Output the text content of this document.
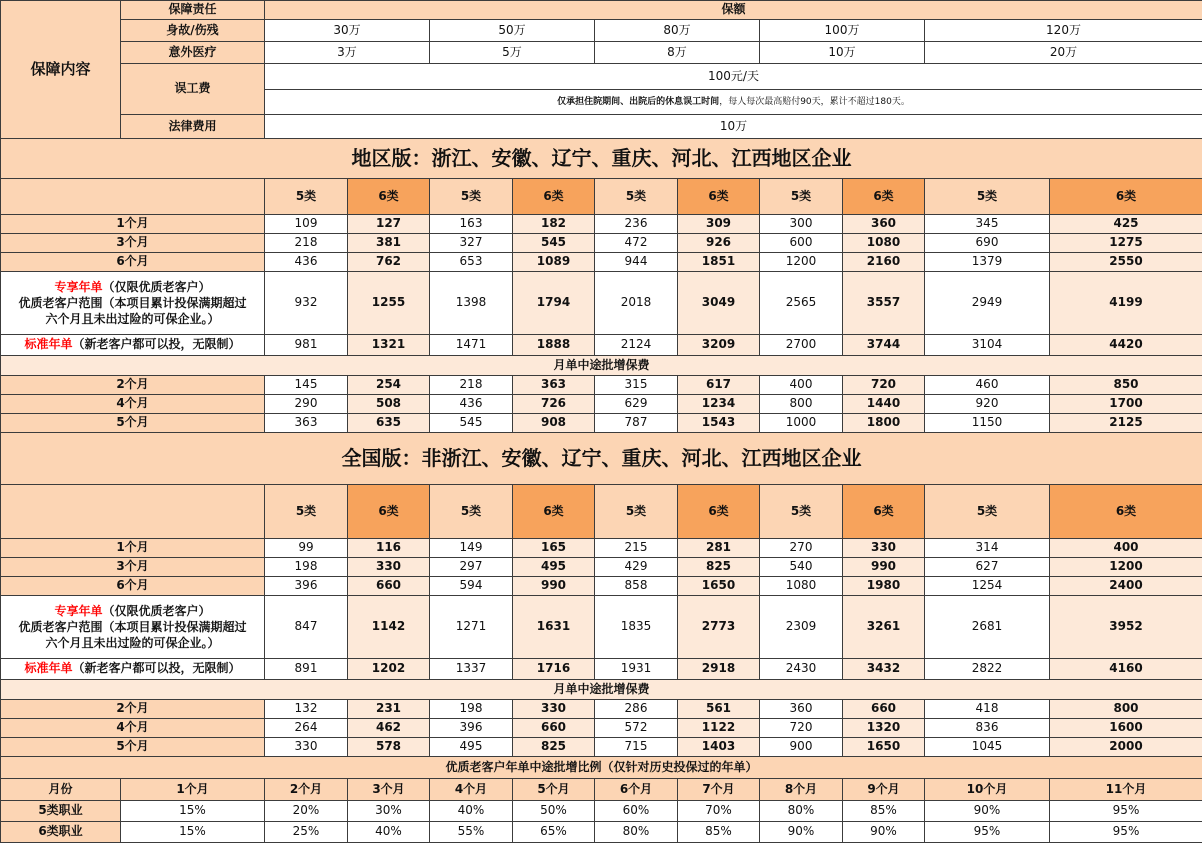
保障内容	保障责任	保额									
	身故/伤残	30万		50万		80万		100万		120万	
	意外医疗	3万		5万		8万		10万		20万	
	误工费	100元/天									
		仅承担住院期间、出院后的休息误工时间，每人每次最高赔付90天，累计不超过180天。									
	法律费用	10万									
地区版：浙江、安徽、辽宁、重庆、河北、江西地区企业											
		5类	6类	5类	6类	5类	6类	5类	6类	5类	6类
1个月		109	127	163	182	236	309	300	360	345	425
3个月		218	381	327	545	472	926	600	1080	690	1275
6个月		436	762	653	1089	944	1851	1200	2160	1379	2550
专享年单（仅限优质老客户）
优质老客户范围（本项目累计投保满期超过
六个月且未出过险的可保企业。）		932	1255	1398	1794	2018	3049	2565	3557	2949	4199
标准年单（新老客户都可以投，无限制）		981	1321	1471	1888	2124	3209	2700	3744	3104	4420
月单中途批增保费											
2个月		145	254	218	363	315	617	400	720	460	850
4个月		290	508	436	726	629	1234	800	1440	920	1700
5个月		363	635	545	908	787	1543	1000	1800	1150	2125
全国版：非浙江、安徽、辽宁、重庆、河北、江西地区企业											
		5类	6类	5类	6类	5类	6类	5类	6类	5类	6类
1个月		99	116	149	165	215	281	270	330	314	400
3个月		198	330	297	495	429	825	540	990	627	1200
6个月		396	660	594	990	858	1650	1080	1980	1254	2400
专享年单（仅限优质老客户）
优质老客户范围（本项目累计投保满期超过
六个月且未出过险的可保企业。）		847	1142	1271	1631	1835	2773	2309	3261	2681	3952
标准年单（新老客户都可以投，无限制）		891	1202	1337	1716	1931	2918	2430	3432	2822	4160
月单中途批增保费											
2个月		132	231	198	330	286	561	360	660	418	800
4个月		264	462	396	660	572	1122	720	1320	836	1600
5个月		330	578	495	825	715	1403	900	1650	1045	2000
优质老客户年单中途批增比例（仅针对历史投保过的年单）											
月份	1个月	2个月	3个月	4个月	5个月	6个月	7个月	8个月	9个月	10个月	11个月
5类职业	15%	20%	30%	40%	50%	60%	70%	80%	85%	90%	95%
6类职业	15%	25%	40%	55%	65%	80%	85%	90%	90%	95%	95%
